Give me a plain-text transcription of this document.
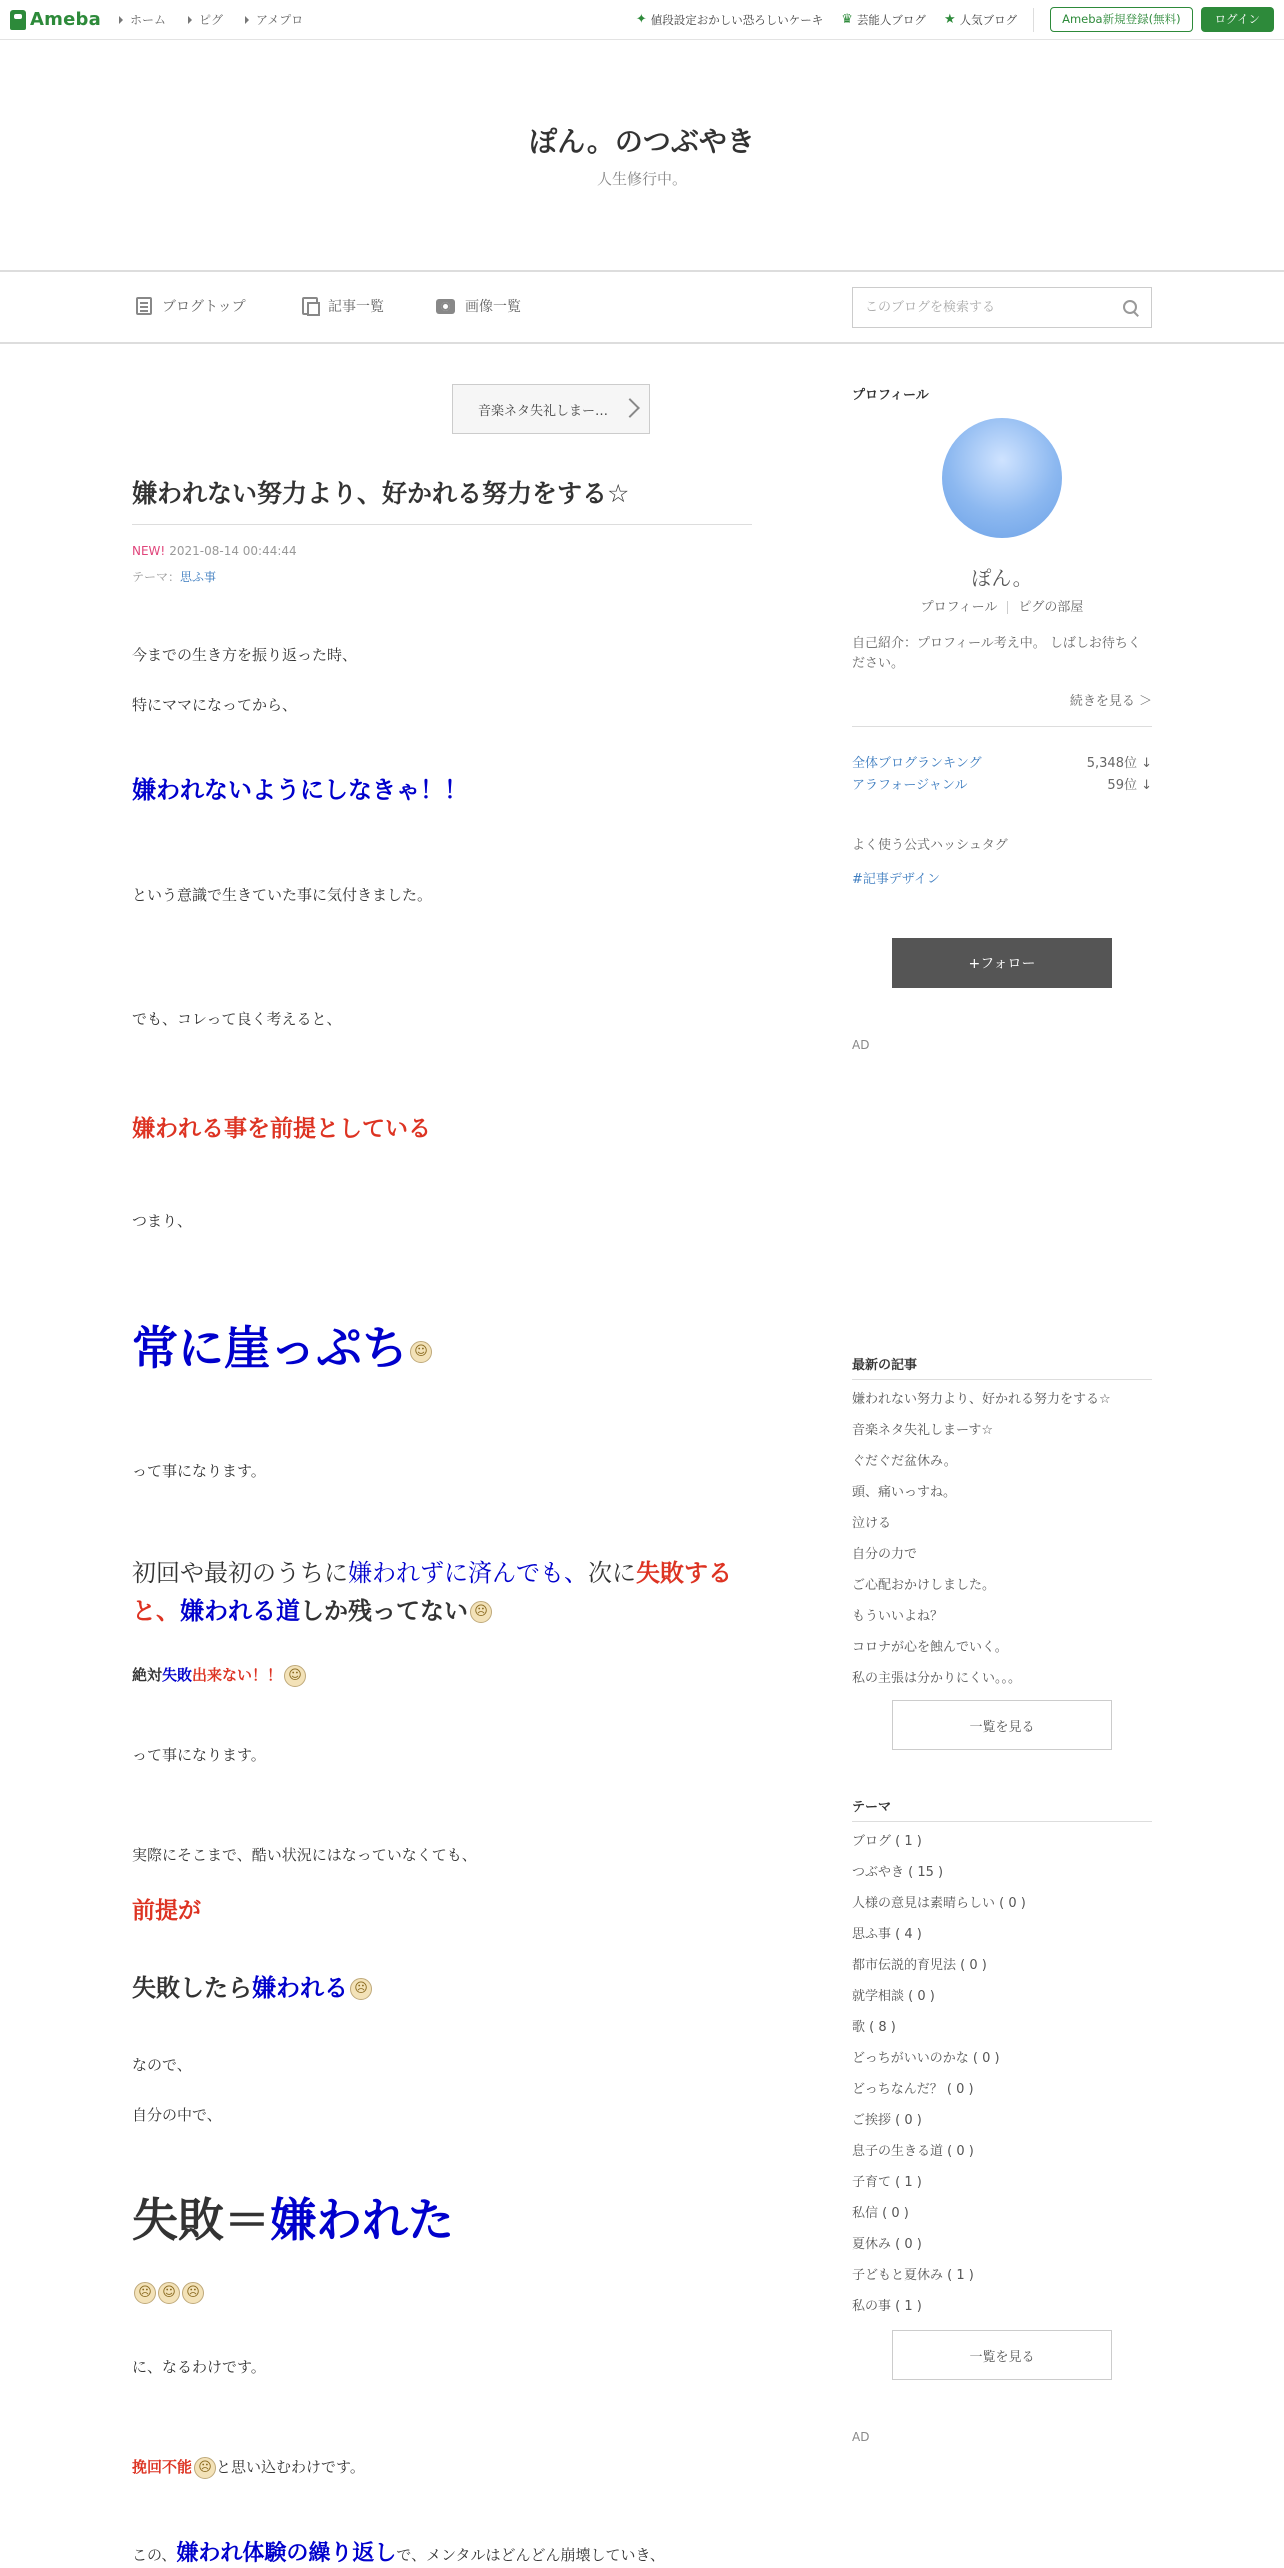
Ameba ホーム	ピグ	アメプロ	✦ 値段設定おかしい恐ろしいケーキ ♛ 芸能人ブログ ★ 人気ブログ	Ameba新規登録(無料)	ログイン
ぽん。のつぶやき
人生修行中。
ブログトップ	記事一覧	画像一覧
このブログを検索する
音楽ネタ失礼しまー…
嫌われない努力より、好かれる努力をする☆
NEW! 2021-08-14 00:44:44
テーマ：思ふ事
今までの生き方を振り返った時、
特にママになってから、
嫌われないようにしなきゃ！！
という意識で生きていた事に気付きました。
でも、コレって良く考えると、
嫌われる事を前提としている
つまり、
常に崖っぷち ☺
って事になります。
初回や最初のうちに嫌われずに済んでも、次に失敗すると、嫌われる道しか残ってない ☹
絶対失敗出来ない！！ ☺
って事になります。
実際にそこまで、酷い状況にはなっていなくても、
前提が
失敗したら嫌われる ☹
なので、
自分の中で、
失敗＝嫌われた
☹ ☺ ☹
に、なるわけです。
挽回不能 ☹ と思い込むわけです。
この、嫌われ体験の繰り返しで、メンタルはどんどん崩壊していき、
プロフィール
ぽん。
プロフィール ピグの部屋
自己紹介：プロフィール考え中。 しばしお待ちください。
続きを見る ＞
全体ブログランキング	5,348位 ↓
アラフォージャンル	59位 ↓
よく使う公式ハッシュタグ
#記事デザイン
+フォロー
AD
最新の記事
嫌われない努力より、好かれる努力をする☆
音楽ネタ失礼しまーす☆
ぐだぐだ盆休み。
頭、痛いっすね。
泣ける
自分の力で
ご心配おかけしました。
もういいよね？
コロナが心を蝕んでいく。
私の主張は分かりにくい。。。
一覧を見る
テーマ
ブログ ( 1 )
つぶやき ( 15 )
人様の意見は素晴らしい ( 0 )
思ふ事 ( 4 )
都市伝説的育児法 ( 0 )
就学相談 ( 0 )
歌 ( 8 )
どっちがいいのかな ( 0 )
どっちなんだ？ ( 0 )
ご挨拶 ( 0 )
息子の生きる道 ( 0 )
子育て ( 1 )
私信 ( 0 )
夏休み ( 0 )
子どもと夏休み ( 1 )
私の事 ( 1 )
一覧を見る
AD
